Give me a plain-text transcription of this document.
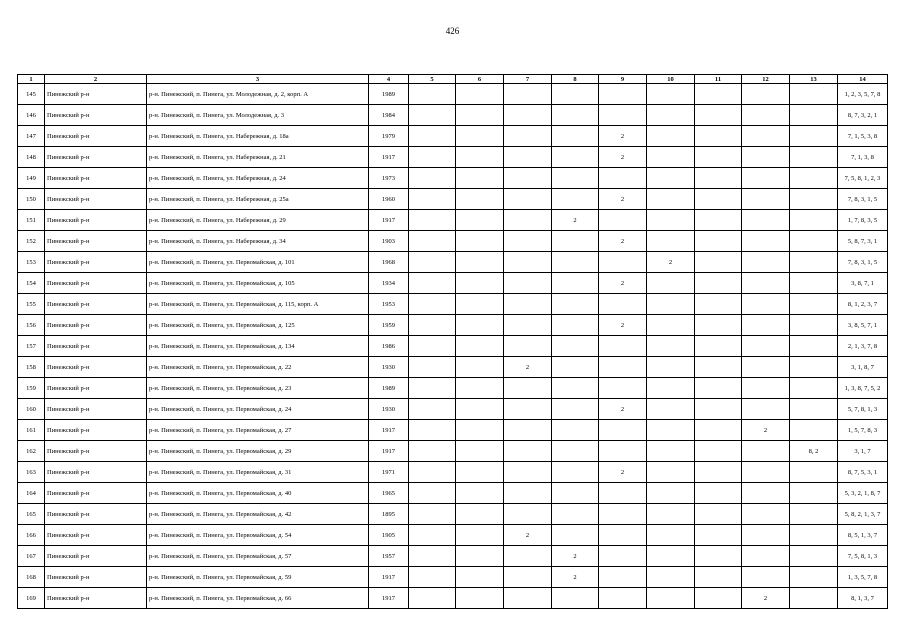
426
1	2	3	4	5	6	7	8	9	10	11	12	13	14
145	Пинежский р-н	р-н. Пинежский, п. Пинега, ул. Молодежная, д. 2, корп. А	1989										1, 2, 3, 5, 7, 8
146	Пинежский р-н	р-н. Пинежский, п. Пинега, ул. Молодежная, д. 3	1984										8, 7, 3, 2, 1
147	Пинежский р-н	р-н. Пинежский, п. Пинега, ул. Набережная, д. 18а	1979					2					7, 1, 5, 3, 8
148	Пинежский р-н	р-н. Пинежский, п. Пинега, ул. Набережная, д. 21	1917					2					7, 1, 3, 8
149	Пинежский р-н	р-н. Пинежский, п. Пинега, ул. Набережная, д. 24	1973										7, 5, 8, 1, 2, 3
150	Пинежский р-н	р-н. Пинежский, п. Пинега, ул. Набережная, д. 25а	1960					2					7, 8, 3, 1, 5
151	Пинежский р-н	р-н. Пинежский, п. Пинега, ул. Набережная, д. 29	1917				2						1, 7, 8, 3, 5
152	Пинежский р-н	р-н. Пинежский, п. Пинега, ул. Набережная, д. 34	1903					2					5, 8, 7, 3, 1
153	Пинежский р-н	р-н. Пинежский, п. Пинега, ул. Первомайская, д. 101	1968						2				7, 8, 3, 1, 5
154	Пинежский р-н	р-н. Пинежский, п. Пинега, ул. Первомайская, д. 105	1934					2					3, 8, 7, 1
155	Пинежский р-н	р-н. Пинежский, п. Пинега, ул. Первомайская, д. 115, корп. А	1953										8, 1, 2, 3, 7
156	Пинежский р-н	р-н. Пинежский, п. Пинега, ул. Первомайская, д. 125	1959					2					3, 8, 5, 7, 1
157	Пинежский р-н	р-н. Пинежский, п. Пинега, ул. Первомайская, д. 134	1986										2, 1, 3, 7, 8
158	Пинежский р-н	р-н. Пинежский, п. Пинега, ул. Первомайская, д. 22	1930			2							3, 1, 8, 7
159	Пинежский р-н	р-н. Пинежский, п. Пинега, ул. Первомайская, д. 23	1989										1, 3, 8, 7, 5, 2
160	Пинежский р-н	р-н. Пинежский, п. Пинега, ул. Первомайская, д. 24	1930					2					5, 7, 8, 1, 3
161	Пинежский р-н	р-н. Пинежский, п. Пинега, ул. Первомайская, д. 27	1917								2		1, 5, 7, 8, 3
162	Пинежский р-н	р-н. Пинежский, п. Пинега, ул. Первомайская, д. 29	1917									8, 2	3, 1, 7
163	Пинежский р-н	р-н. Пинежский, п. Пинега, ул. Первомайская, д. 31	1971					2					8, 7, 5, 3, 1
164	Пинежский р-н	р-н. Пинежский, п. Пинега, ул. Первомайская, д. 40	1965										5, 3, 2, 1, 8, 7
165	Пинежский р-н	р-н. Пинежский, п. Пинега, ул. Первомайская, д. 42	1895										5, 8, 2, 1, 3, 7
166	Пинежский р-н	р-н. Пинежский, п. Пинега, ул. Первомайская, д. 54	1905			2							8, 5, 1, 3, 7
167	Пинежский р-н	р-н. Пинежский, п. Пинега, ул. Первомайская, д. 57	1957				2						7, 5, 8, 1, 3
168	Пинежский р-н	р-н. Пинежский, п. Пинега, ул. Первомайская, д. 59	1917				2						1, 3, 5, 7, 8
169	Пинежский р-н	р-н. Пинежский, п. Пинега, ул. Первомайская, д. 66	1917								2		8, 1, 3, 7
